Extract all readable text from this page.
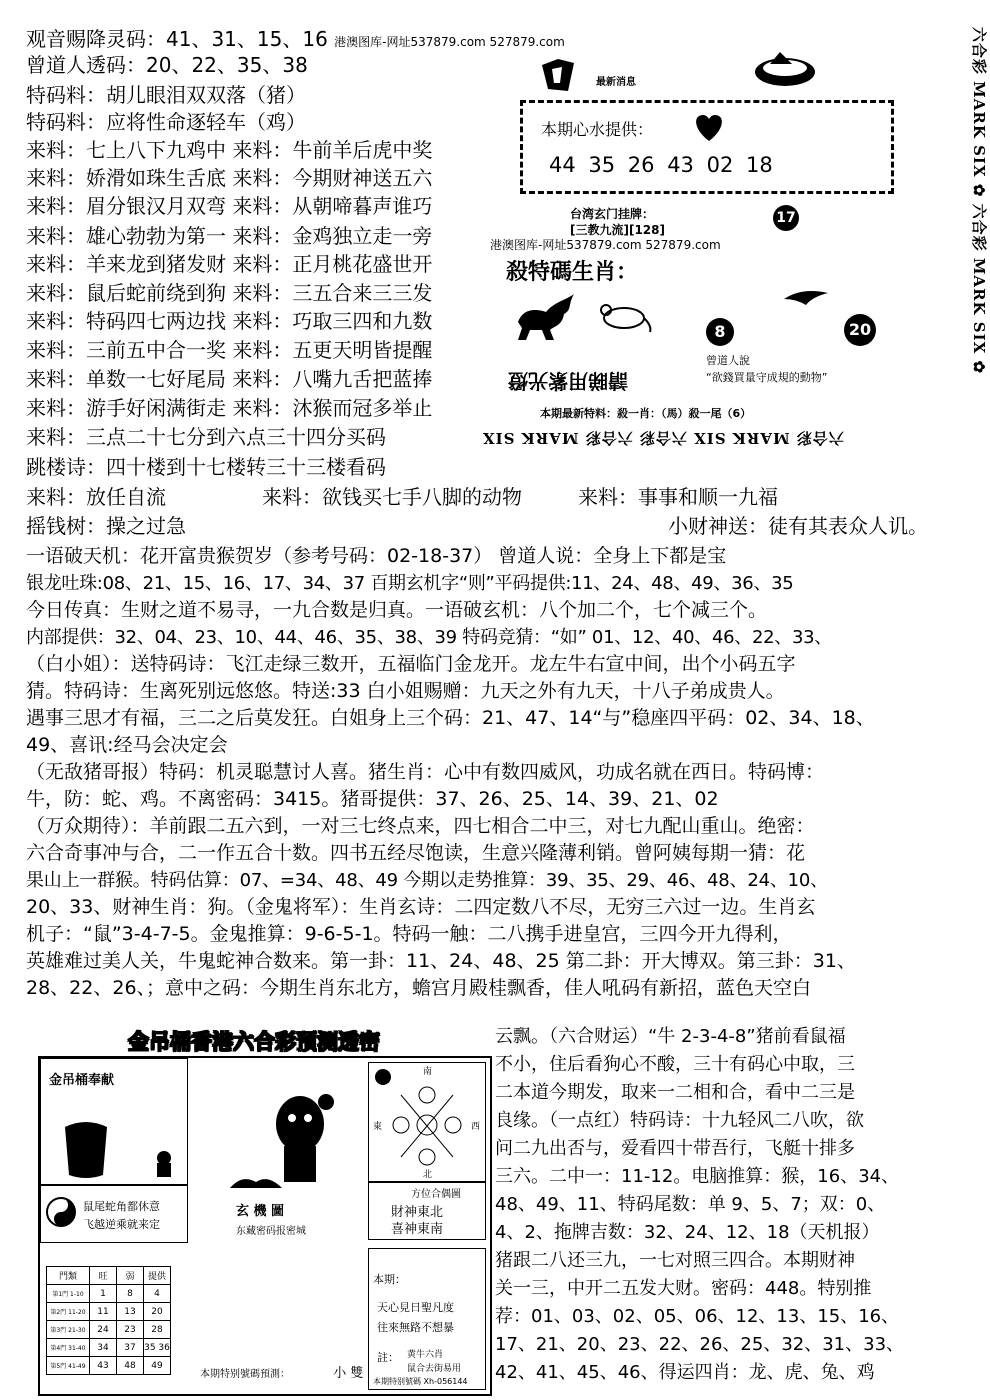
观音赐降灵码：41、31、15、16 港澳图库-网址537879.com 527879.com
曾道人透码：20、22、35、38
特码料：胡儿眼泪双双落（猪）
特码料：应将性命逐轻车（鸡）
来料：七上八下九鸡中 来料：牛前羊后虎中奖
来料：娇滑如珠生舌底 来料：今期财神送五六
来料：眉分银汉月双弯 来料：从朝啼暮声谁巧
来料：雄心勃勃为第一 来料：金鸡独立走一旁
来料：羊来龙到猪发财 来料：正月桃花盛世开
来料：鼠后蛇前绕到狗 来料：三五合来三三发
来料：特码四七两边找 来料：巧取三四和九数
来料：三前五中合一奖 来料：五更天明皆提醒
来料：单数一七好尾局 来料：八嘴九舌把蓝捧
来料：游手好闲满街走 来料：沐猴而冠多举止
来料：三点二十七分到六点三十四分买码
跳楼诗：四十楼到十七楼转三十三楼看码
来料：放任自流	来料：欲钱买七手八脚的动物	来料：事事和顺一九福
摇钱树：操之过急	小财神送：徒有其表众人讥。
一语破天机：花开富贵猴贺岁（参考号码：02-18-37） 曾道人说：全身上下都是宝
银龙吐珠:08、21、15、16、17、34、37 百期玄机字“则”平码提供:11、24、48、49、36、35
今日传真：生财之道不易寻，一九合数是归真。一语破玄机：八个加二个，七个减三个。
内部提供：32、04、23、10、44、46、35、38、39 特码竞猜：“如” 01、12、40、46、22、33、
（白小姐）：送特码诗：飞江走绿三数开，五福临门金龙开。龙左牛右宣中间，出个小码五字
猜。特码诗：生离死别远悠悠。特送:33 白小姐赐赠：九天之外有九天，十八子弟成贵人。
遇事三思才有福，三二之后莫发狂。白姐身上三个码：21、47、14“与”稳座四平码：02、34、18、
49、喜讯:经马会决定会
（无敌猪哥报）特码：机灵聪慧讨人喜。猪生肖：心中有数四威风，功成名就在西日。特码博：
牛，防：蛇、鸡。不离密码：3415。猪哥提供：37、26、25、14、39、21、02
（万众期待）：羊前跟二五六到，一对三七终点来，四七相合二中三，对七九配山重山。绝密：
六合奇事冲与合，二一作五合十数。四书五经尽饱读，生意兴隆薄利销。曾阿姨每期一猜：花
果山上一群猴。特码估算：07、=34、48、49 今期以走势推算：39、35、29、46、48、24、10、
20、33、财神生肖：狗。（金鬼将军）：生肖玄诗：二四定数八不尽，无穷三六过一边。生肖玄
机子：“鼠”3-4-7-5。金鬼推算：9-6-5-1。特码一触：二八携手进皇宫，三四今开九得利，
英雄难过美人关，牛鬼蛇神合数来。第一卦：11、24、48、25 第二卦：开大博双。第三卦：31、
28、22、26、；意中之码：今期生肖东北方，蟾宫月殿桂飘香，佳人吼码有新招，蓝色天空白
云飘。（六合财运）“牛 2-3-4-8”猪前看鼠福
不小，住后看狗心不酸，三十有码心中取，三
二本道今期发，取来一二相和合，看中二三是
良缘。（一点红）特码诗：十九轻风二八吹，欲
问二九出否与，爱看四十带吾行，飞艇十排多
三六。二中一：11-12。电脑推算：猴，16、34、
48、49、11、特码尾数：单 9、5、7；双：0、
4、2、拖牌吉数：32、24、12、18（天机报）
猪跟二八还三九，一七对照三四合。本期财神
关一三，中开二五发大财。密码：448。特别推
荐：01、03、02、05、06、12、13、15、16、
17、21、20、23、22、26、25、32、31、33、
42、41、45、46、得运四肖：龙、虎、兔、鸡
最新消息
本期心水提供：
44 35 26 43 02 18
台湾玄门挂牌：
[三教九流][128]
港澳图库-网址537879.com 527879.com
17
殺特碼生肖：
8	20
曾道人說
“欲錢買量守成規的動物”
請睇用紫光燈
本期最新特料：殺一肖：（馬）殺一尾（6）
六合彩 MARK SIX 六合彩 六合彩 MARK SIX
六合彩 MARK SIX ✿ 六合彩 MARK SIX ✿
金吊桶香港六合彩预测透密
金吊桶奉献
鼠尾蛇角都休意
飞越逆乘就来定
門類	旺	弱	提供
第1門 1-10	1	8	4
第2門 11-20	11	13	20
第3門 21-30	24	23	28
第4門 31-40	34	37	35 36
第5門 41-49	43	48	49
玄 機 圖
东藏密码报密城
本期特别號碼預測：	小 雙
南
北
東	西
方位合偶圖
財神東北
喜神東南
本期：
天心見日聖凡度
往來無路不想暴
註： 黄牛六肖
鼠合去街易用
本期特别號碼 Xh-056144
